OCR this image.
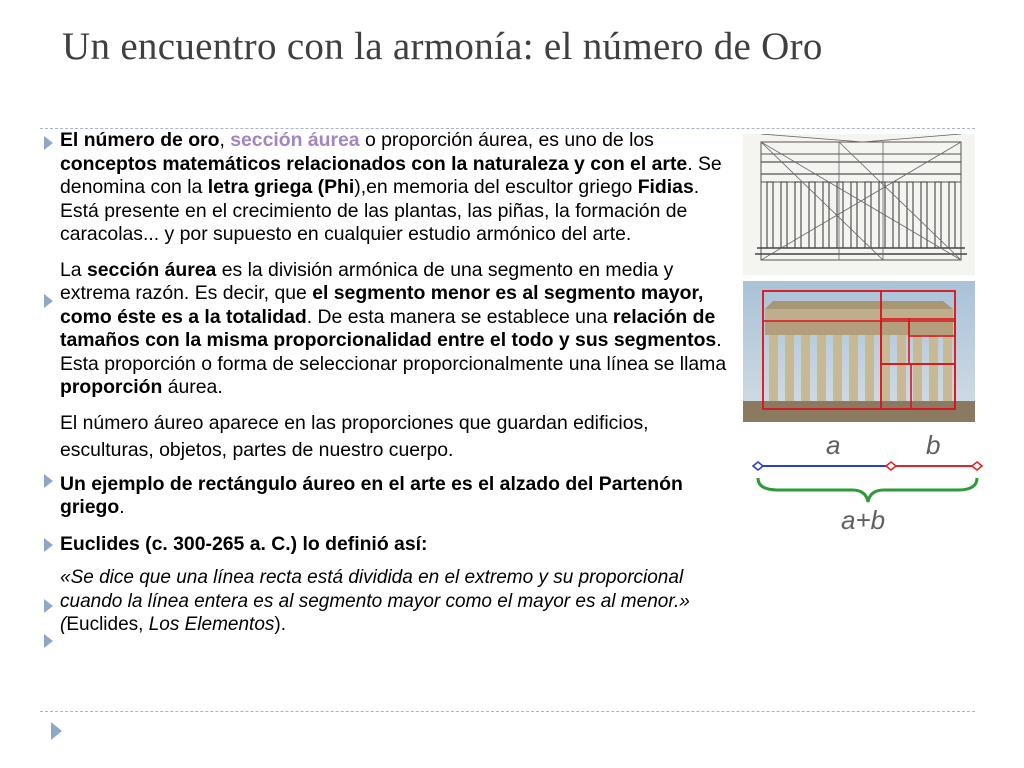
Un encuentro con la armonía: el número de Oro

El número de oro, sección áurea o proporción áurea, es uno de los conceptos matemáticos relacionados con la naturaleza y con el arte. Se denomina con la letra griega (Phi),en memoria del escultor griego Fidias. Está presente en el crecimiento de las plantas, las piñas, la formación de caracolas... y por supuesto en cualquier estudio armónico del arte.

La sección áurea es la división armónica de una segmento en media y extrema razón. Es decir, que el segmento menor es al segmento mayor, como éste es a la totalidad. De esta manera se establece una relación de tamaños con la misma proporcionalidad entre el todo y sus segmentos. Esta proporción o forma de seleccionar proporcionalmente una línea se llama proporción áurea.

El número áureo aparece en las proporciones que guardan edificios, esculturas, objetos, partes de nuestro cuerpo.

Un ejemplo de rectángulo áureo en el arte es el alzado del Partenón griego.

Euclides (c. 300-265 a. C.) lo definió así:

«Se dice que una línea recta está dividida en el extremo y su proporcional cuando la línea entera es al segmento mayor como el mayor es al menor.» (Euclides, Los Elementos).

a	b
a+b
